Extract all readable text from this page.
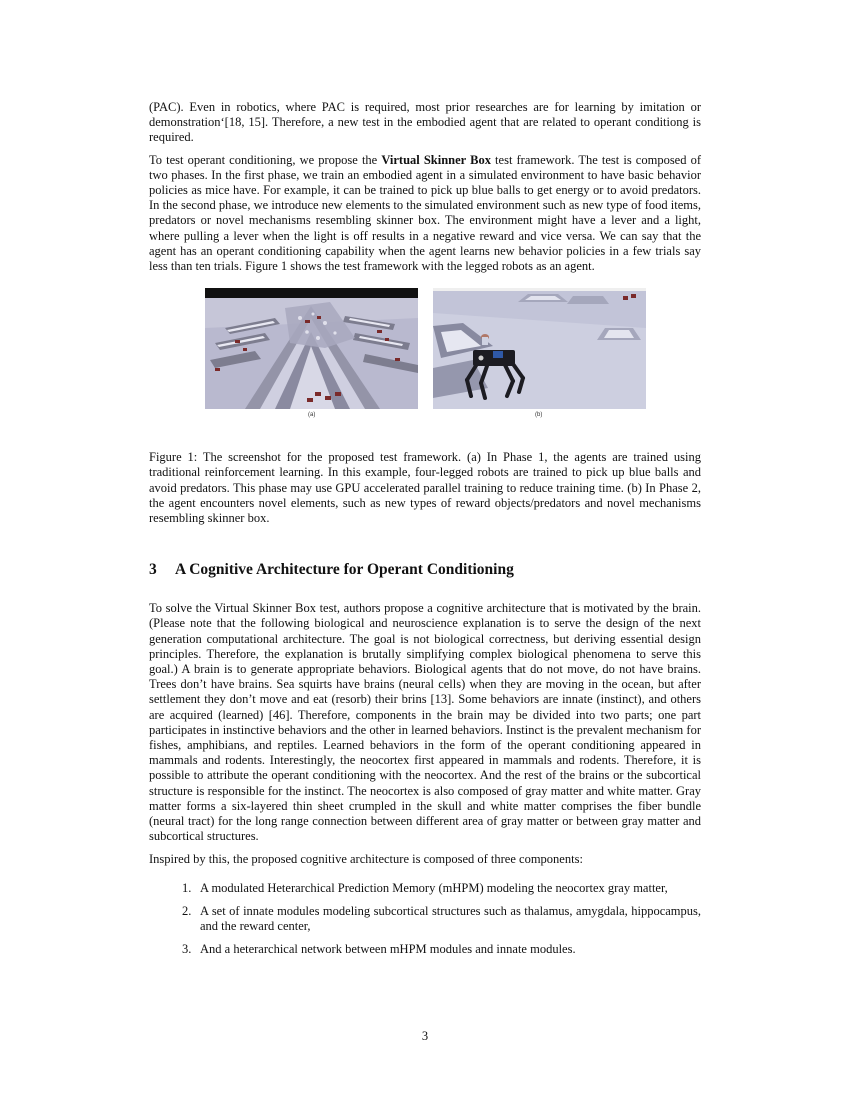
(PAC). Even in robotics, where PAC is required, most prior researches are for learning by imitation or demonstration‘[18, 15]. Therefore, a new test in the embodied agent that are related to operant conditiong is required.

To test operant conditioning, we propose the Virtual Skinner Box test framework. The test is composed of two phases. In the first phase, we train an embodied agent in a simulated environment to have basic behavior policies as mice have. For example, it can be trained to pick up blue balls to get energy or to avoid predators. In the second phase, we introduce new elements to the simulated environment such as new type of food items, predators or novel mechanisms resembling skinner box. The environment might have a lever and a light, where pulling a lever when the light is off results in a negative reward and vice versa. We can say that the agent has an operant conditioning capability when the agent learns new behavior policies in a few trials say less than ten trials. Figure 1 shows the test framework with the legged robots as an agent.

(a)	(b)

Figure 1: The screenshot for the proposed test framework. (a) In Phase 1, the agents are trained using traditional reinforcement learning. In this example, four-legged robots are trained to pick up blue balls and avoid predators. This phase may use GPU accelerated parallel training to reduce training time. (b) In Phase 2, the agent encounters novel elements, such as new types of reward objects/predators and novel mechanisms resembling skinner box.

3 A Cognitive Architecture for Operant Conditioning

To solve the Virtual Skinner Box test, authors propose a cognitive architecture that is motivated by the brain. (Please note that the following biological and neuroscience explanation is to serve the design of the next generation computational architecture. The goal is not biological correctness, but deriving essential design principles. Therefore, the explanation is brutally simplifying complex biological phenomena to serve this goal.) A brain is to generate appropriate behaviors. Biological agents that do not move, do not have brains. Trees don’t have brains. Sea squirts have brains (neural cells) when they are moving in the ocean, but after settlement they don’t move and eat (resorb) their brins [13]. Some behaviors are innate (instinct), and others are acquired (learned) [46]. Therefore, components in the brain may be divided into two parts; one part participates in instinctive behaviors and the other in learned behaviors. Instinct is the prevalent mechanism for fishes, amphibians, and reptiles. Learned behaviors in the form of the operant conditioning appeared in mammals and rodents. Interestingly, the neocortex first appeared in mammals and rodents. Therefore, it is possible to attribute the operant conditioning with the neocortex. And the rest of the brains or the subcortical structure is responsible for the instinct. The neocortex is also composed of gray matter and white matter. Gray matter forms a six-layered thin sheet crumpled in the skull and white matter comprises the fiber bundle (neural tract) for the long range connection between different area of gray matter or between gray matter and subcortical structures.

Inspired by this, the proposed cognitive architecture is composed of three components:

1. A modulated Heterarchical Prediction Memory (mHPM) modeling the neocortex gray matter,
2. A set of innate modules modeling subcortical structures such as thalamus, amygdala, hippocampus, and the reward center,
3. And a heterarchical network between mHPM modules and innate modules.
3
